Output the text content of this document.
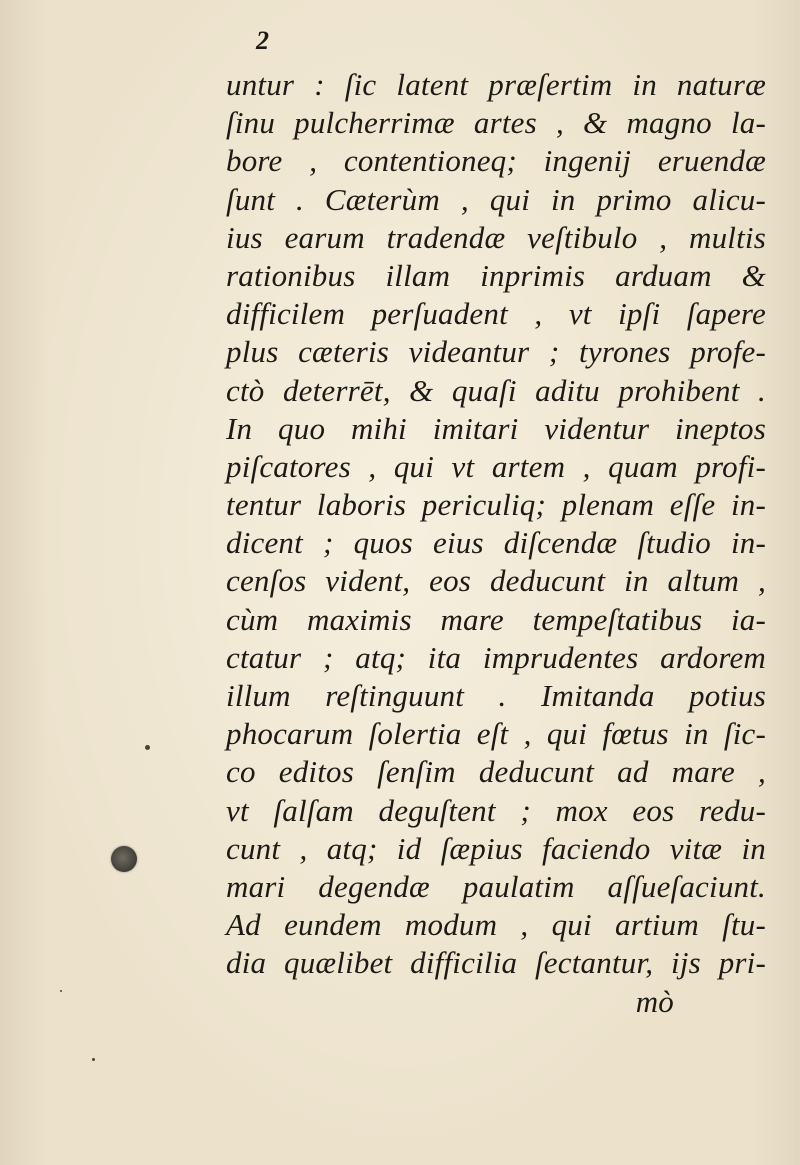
2
untur : ſic latent præſertim in naturæ
ſinu pulcherrimæ artes , & magno la-
bore , contentioneq; ingenij eruendæ
ſunt . Cæterùm , qui in primo alicu-
ius earum tradendæ veſtibulo , multis
rationibus illam inprimis arduam &
difficilem perſuadent , vt ipſi ſapere
plus cæteris videantur ; tyrones profe-
ctò deterrēt, & quaſi aditu prohibent .
In quo mihi imitari videntur ineptos
piſcatores , qui vt artem , quam profi-
tentur laboris periculiq; plenam eſſe in-
dicent ; quos eius diſcendæ ſtudio in-
cenſos vident, eos deducunt in altum ,
cùm maximis mare tempeſtatibus ia-
ctatur ; atq; ita imprudentes ardorem
illum reſtinguunt . Imitanda potius
phocarum ſolertia eſt , qui fœtus in ſic-
co editos ſenſim deducunt ad mare ,
vt ſalſam deguſtent ; mox eos redu-
cunt , atq; id ſæpius faciendo vitæ in
mari degendæ paulatim aſſueſaciunt.
Ad eundem modum , qui artium ſtu-
dia quælibet difficilia ſectantur, ijs pri-
mò
